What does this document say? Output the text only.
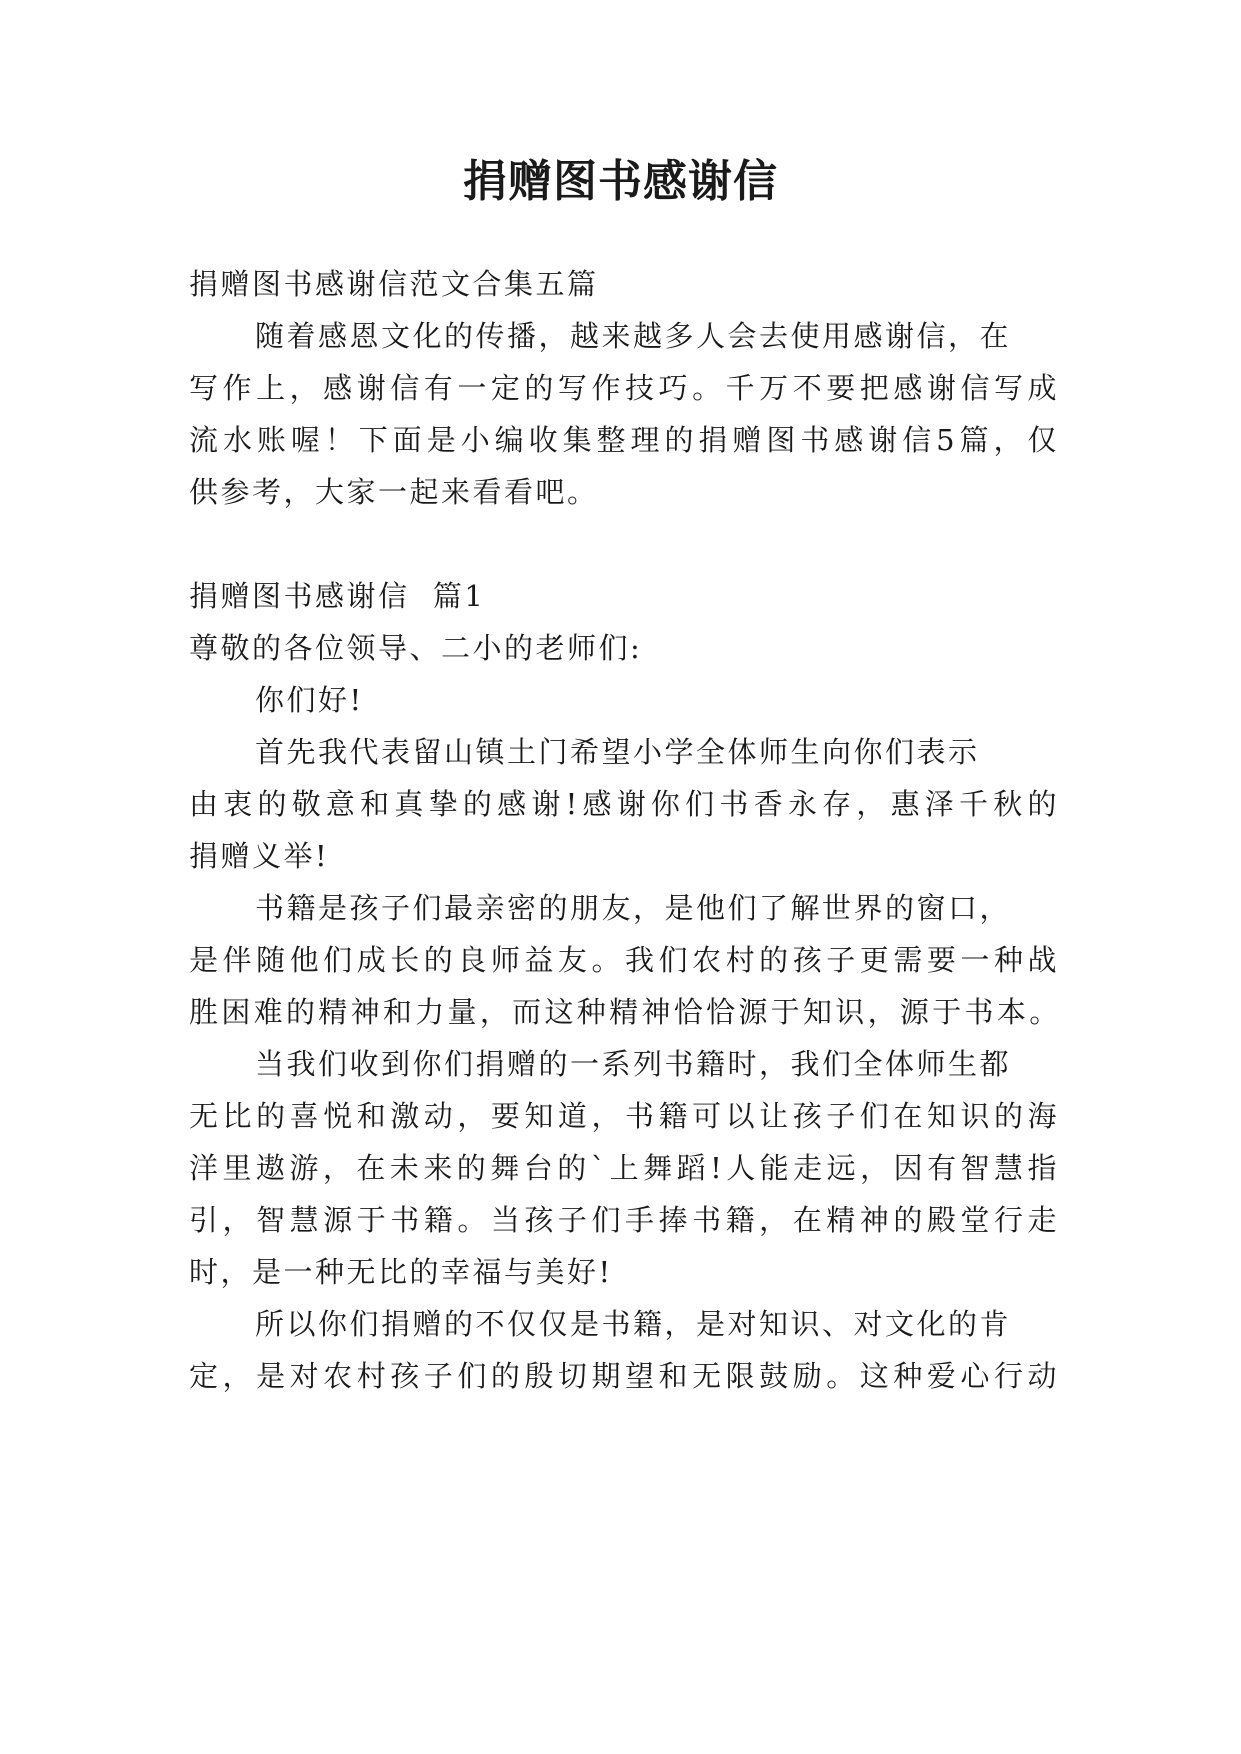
捐赠图书感谢信
捐赠图书感谢信范文合集五篇
随着感恩文化的传播，越来越多人会去使用感谢信，在
写作上，感谢信有一定的写作技巧。千万不要把感谢信写成
流水账喔！下面是小编收集整理的捐赠图书感谢信5篇，仅
供参考，大家一起来看看吧。
捐赠图书感谢信  篇1
尊敬的各位领导、二小的老师们:
你们好!
首先我代表留山镇土门希望小学全体师生向你们表示
由衷的敬意和真挚的感谢!感谢你们书香永存，惠泽千秋的
捐赠义举!
书籍是孩子们最亲密的朋友，是他们了解世界的窗口，
是伴随他们成长的良师益友。我们农村的孩子更需要一种战
胜困难的精神和力量，而这种精神恰恰源于知识，源于书本。
当我们收到你们捐赠的一系列书籍时，我们全体师生都
无比的喜悦和激动，要知道，书籍可以让孩子们在知识的海
洋里遨游，在未来的舞台的`上舞蹈!人能走远，因有智慧指
引，智慧源于书籍。当孩子们手捧书籍，在精神的殿堂行走
时，是一种无比的幸福与美好!
所以你们捐赠的不仅仅是书籍，是对知识、对文化的肯
定，是对农村孩子们的殷切期望和无限鼓励。这种爱心行动
